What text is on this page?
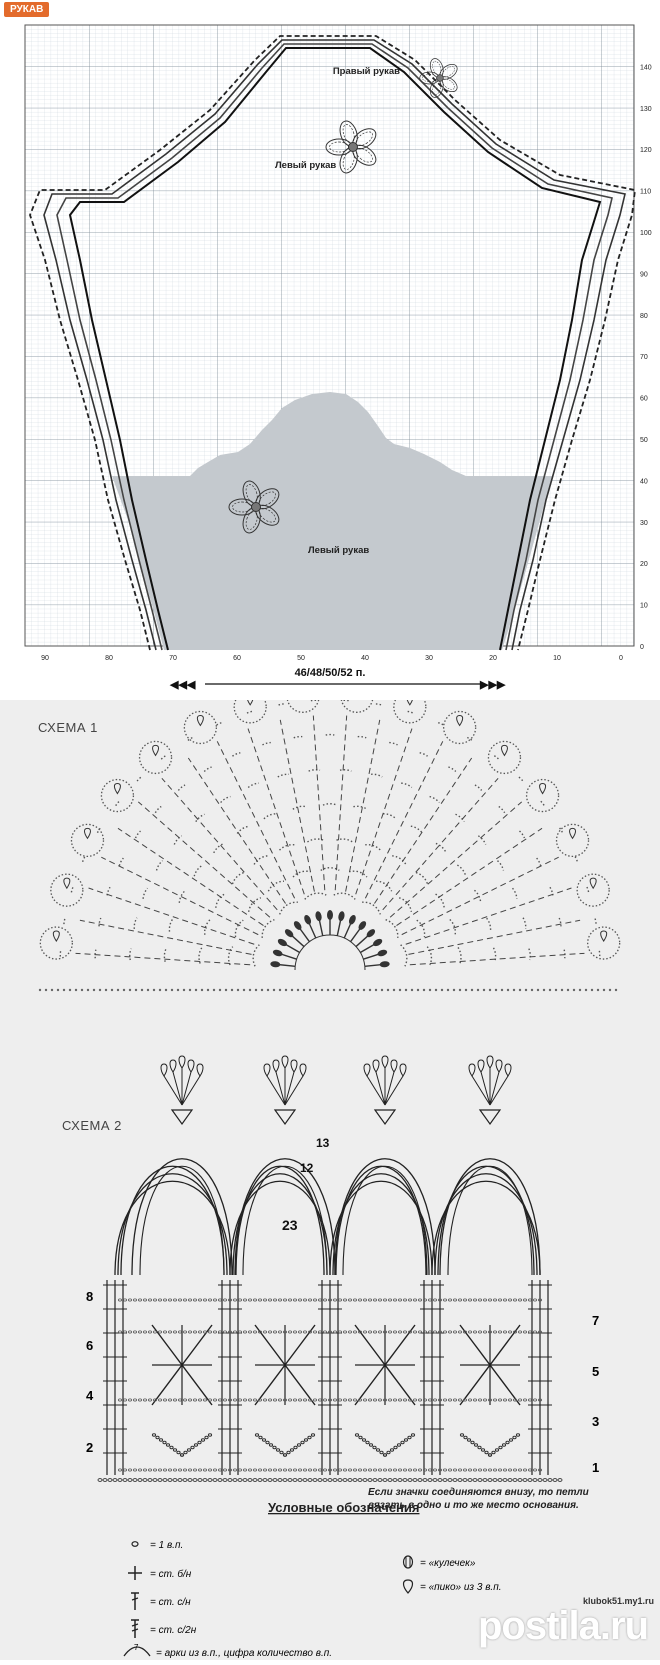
РУКАВ
Правый рукав
Левый рукав
Левый рукав
0
10
20
30
40
50
60
70
80
90
100
110
120
130
140
90	80	70	60	50	40	30	20	10	0
◀◀◀	▶▶▶
46/48/50/52 п.
СХЕМА 1
СХЕМА 2
13
12
23
8
6
4
2
7
5
3
1
Условные обозначения
= 1 в.п.
= ст. б/н
= ст. с/н
= ст. с/2н
7
= арки из в.п., цифра количество в.п.
= «кулечек»
= «пико» из 3 в.п.
Если значки соединяются внизу, то петли вязать в одно и то же место основания.
klubok51.my1.ru
postila.ru
